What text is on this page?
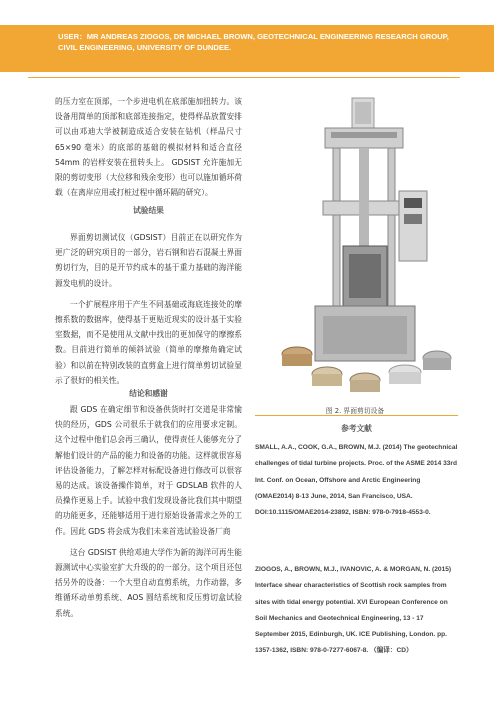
USER：MR ANDREAS ZIOGOS, DR MICHAEL BROWN, GEOTECHNICAL ENGINEERING RESEARCH GROUP, CIVIL ENGINEERING, UNIVERSITY OF DUNDEE.

的压力室在顶部，一个步进电机在底部施加扭转力。该设备用简单的顶部和底部连接指定，使得样品放置安排可以由邓迪大学被制造成适合安装在钻机（样品尺寸 65×90 毫米）的底部的基础的模拟材料和适合直径 54mm 的岩样安装在扭转头上。 GDSIST 允许施加无限的剪切变形（大位移和残余变形）也可以施加循环荷载（在离岸应用或打桩过程中循环隔的研究）。

试验结果

界面剪切测试仪（GDSIST）目前正在以研究作为更广泛的研究项目的一部分，岩石钢和岩石混凝土界面剪切行为，目的是开节约成本的基于重力基础的海洋能源发电机的设计。

一个扩展程序用于产生不同基础或海底连接处的摩擦系数的数据库，使得基于更贴近现实的设计基于实验室数据，而不是使用从文献中找出的更加保守的摩擦系数。目前进行简单的倾斜试验（简单的摩擦角确定试验）和以前在特别改装的直剪盒上进行简单剪切试验显示了很好的相关性。

结论和感谢

跟 GDS 在确定细节和设备供货时打交道是非常愉快的经历，GDS 公司很乐于就我们的应用要求定制。这个过程中他们总会再三确认，使得责任人能够充分了解他们设计的产品的能力和设备的功能。这样就很容易评估设备能力，了解怎样对标配设备进行修改可以很容易的达成。该设备操作简单，对于 GDSLAB 软件的人员操作更易上手。试验中我们发现设备比我们其中期望的功能更多，还能够适用于进行原始设备需求之外的工作。因此 GDS 将会成为我们未来首选试验设备厂商

这台 GDSIST 供给邓迪大学作为新的海洋可再生能源测试中心实验室扩大升级的的一部分。这个项目还包括另外的设备：一个大型自动直剪系统，力作动器，多维循环动单剪系统、AOS 圆结系统和反压剪切盒试验系统。

图 2. 界面剪切设备
参考文献
SMALL, A.A., COOK, G.A., BROWN, M.J. (2014) The geotechnical challenges of tidal turbine projects. Proc. of the ASME 2014 33rd Int. Conf. on Ocean, Offshore and Arctic Engineering (OMAE2014) 8-13 June, 2014, San Francisco, USA. DOI:10.1115/OMAE2014-23892, ISBN: 978-0-7918-4553-0.
ZIOGOS, A., BROWN, M.J., IVANOVIC, A. & MORGAN, N. (2015) Interface shear characteristics of Scottish rock samples from sites with tidal energy potential. XVI European Conference on Soil Mechanics and Geotechnical Engineering, 13 - 17 September 2015, Edinburgh, UK. ICE Publishing, London. pp. 1357-1362, ISBN: 978-0-7277-6067-8. （编译：CD）
